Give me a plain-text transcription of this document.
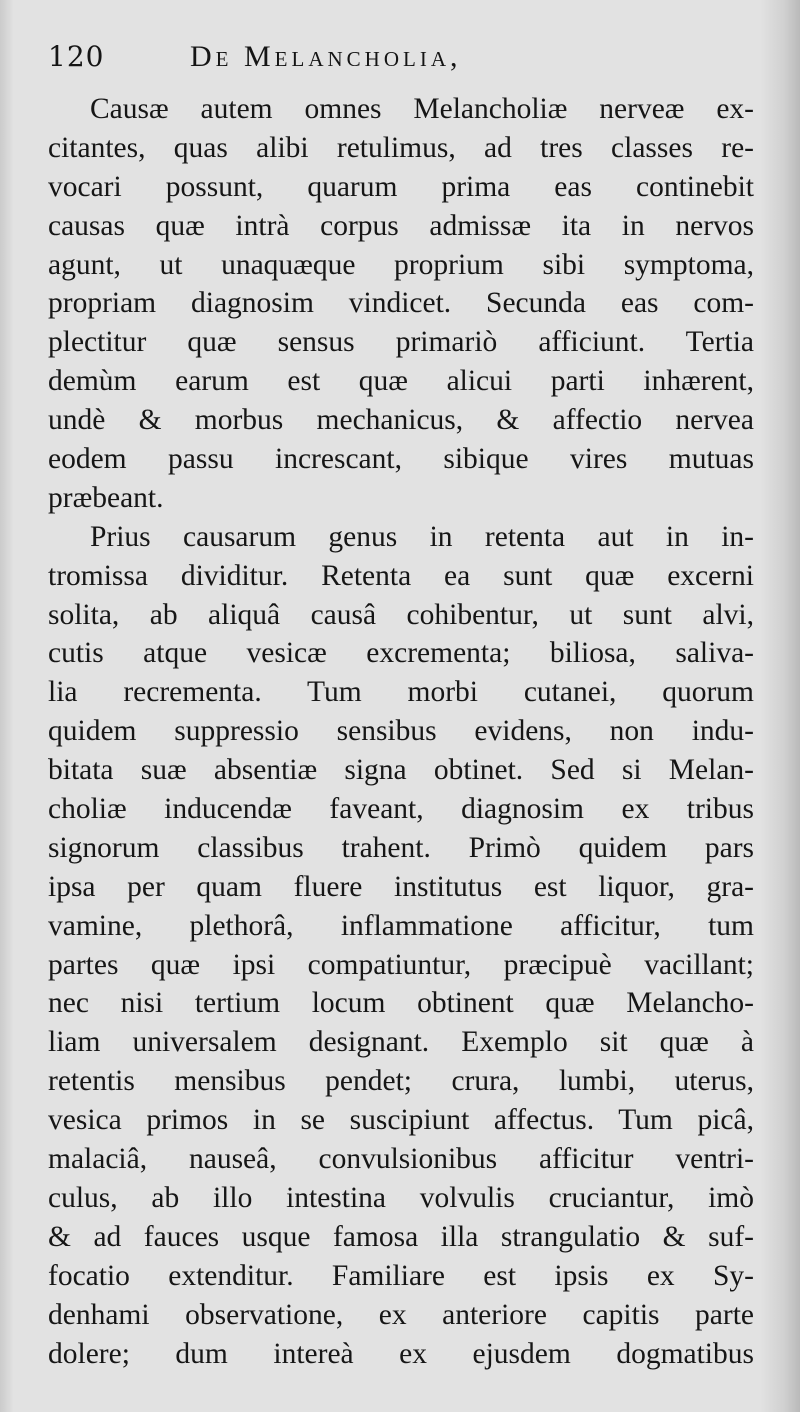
120	De Melancholia,
Causæ autem omnes Melancholiæ nerveæ ex-
citantes, quas alibi retulimus, ad tres classes re-
vocari possunt, quarum prima eas continebit
causas quæ intrà corpus admissæ ita in nervos
agunt, ut unaquæque proprium sibi symptoma,
propriam diagnosim vindicet. Secunda eas com-
plectitur quæ sensus primariò afficiunt. Tertia
demùm earum est quæ alicui parti inhærent,
undè & morbus mechanicus, & affectio nervea
eodem passu increscant, sibique vires mutuas
præbeant.
Prius causarum genus in retenta aut in in-
tromissa dividitur. Retenta ea sunt quæ excerni
solita, ab aliquâ causâ cohibentur, ut sunt alvi,
cutis atque vesicæ excrementa; biliosa, saliva-
lia recrementa. Tum morbi cutanei, quorum
quidem suppressio sensibus evidens, non indu-
bitata suæ absentiæ signa obtinet. Sed si Melan-
choliæ inducendæ faveant, diagnosim ex tribus
signorum classibus trahent. Primò quidem pars
ipsa per quam fluere institutus est liquor, gra-
vamine, plethorâ, inflammatione afficitur, tum
partes quæ ipsi compatiuntur, præcipuè vacillant;
nec nisi tertium locum obtinent quæ Melancho-
liam universalem designant. Exemplo sit quæ à
retentis mensibus pendet; crura, lumbi, uterus,
vesica primos in se suscipiunt affectus. Tum picâ,
malaciâ, nauseâ, convulsionibus afficitur ventri-
culus, ab illo intestina volvulis cruciantur, imò
& ad fauces usque famosa illa strangulatio & suf-
focatio extenditur. Familiare est ipsis ex Sy-
denhami observatione, ex anteriore capitis parte
dolere; dum intereà ex ejusdem dogmatibus
